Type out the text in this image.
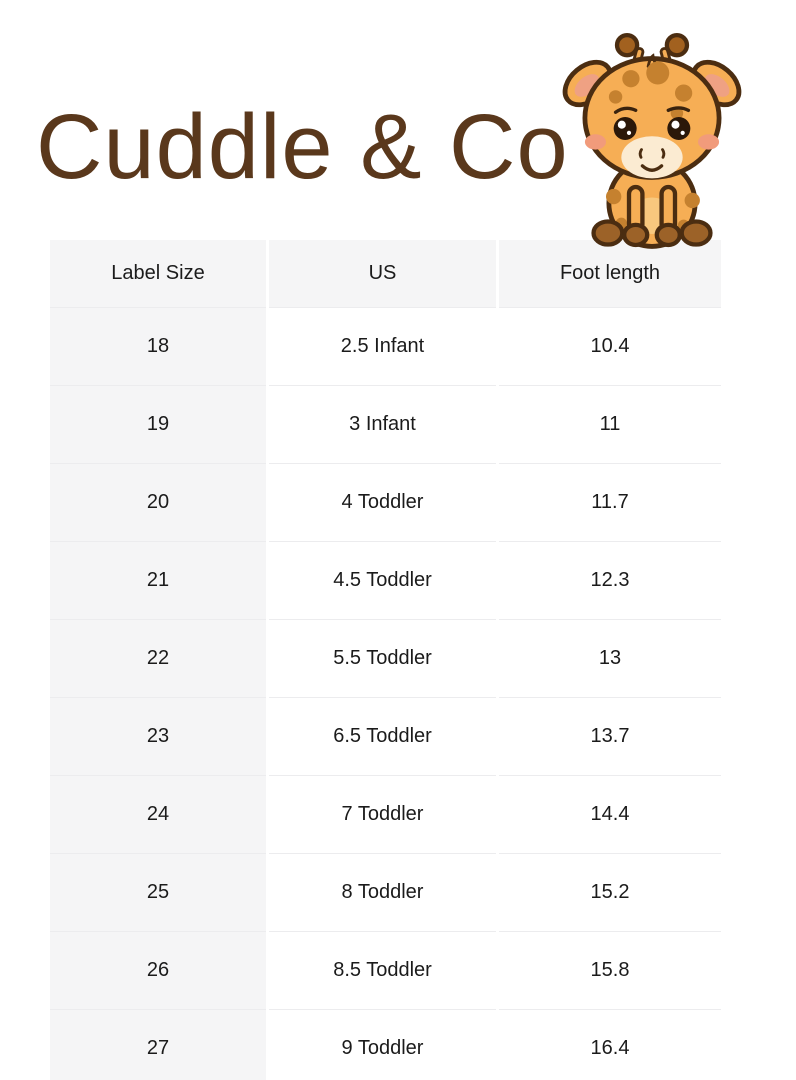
Cuddle & Co
Label Size	US	Foot length
18	2.5 Infant	10.4
19	3 Infant	11
20	4 Toddler	11.7
21	4.5 Toddler	12.3
22	5.5 Toddler	13
23	6.5 Toddler	13.7
24	7 Toddler	14.4
25	8 Toddler	15.2
26	8.5 Toddler	15.8
27	9 Toddler	16.4
